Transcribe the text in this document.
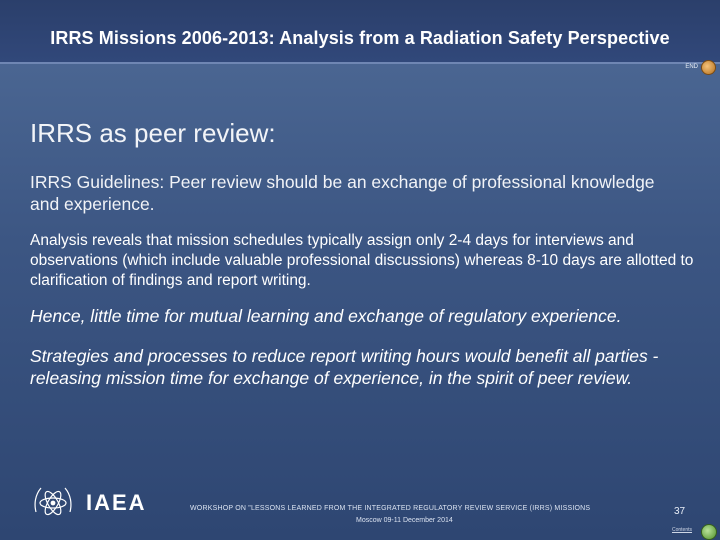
IRRS Missions 2006-2013: Analysis from a Radiation Safety Perspective
END
IRRS as peer review:
IRRS Guidelines: Peer review should be an exchange of professional knowledge and experience.
Analysis reveals that mission schedules typically assign only 2-4 days for interviews and observations (which include valuable professional discussions) whereas 8-10 days are allotted to clarification of findings and report writing.
Hence, little time for mutual learning and exchange of regulatory experience.
Strategies and processes to reduce report writing hours would benefit all parties - releasing mission time for exchange of experience, in the spirit of peer review.
IAEA	WORKSHOP ON "LESSONS LEARNED FROM THE INTEGRATED REGULATORY REVIEW SERVICE (IRRS) MISSIONS
Moscow 09-11 December 2014
37
Contents
